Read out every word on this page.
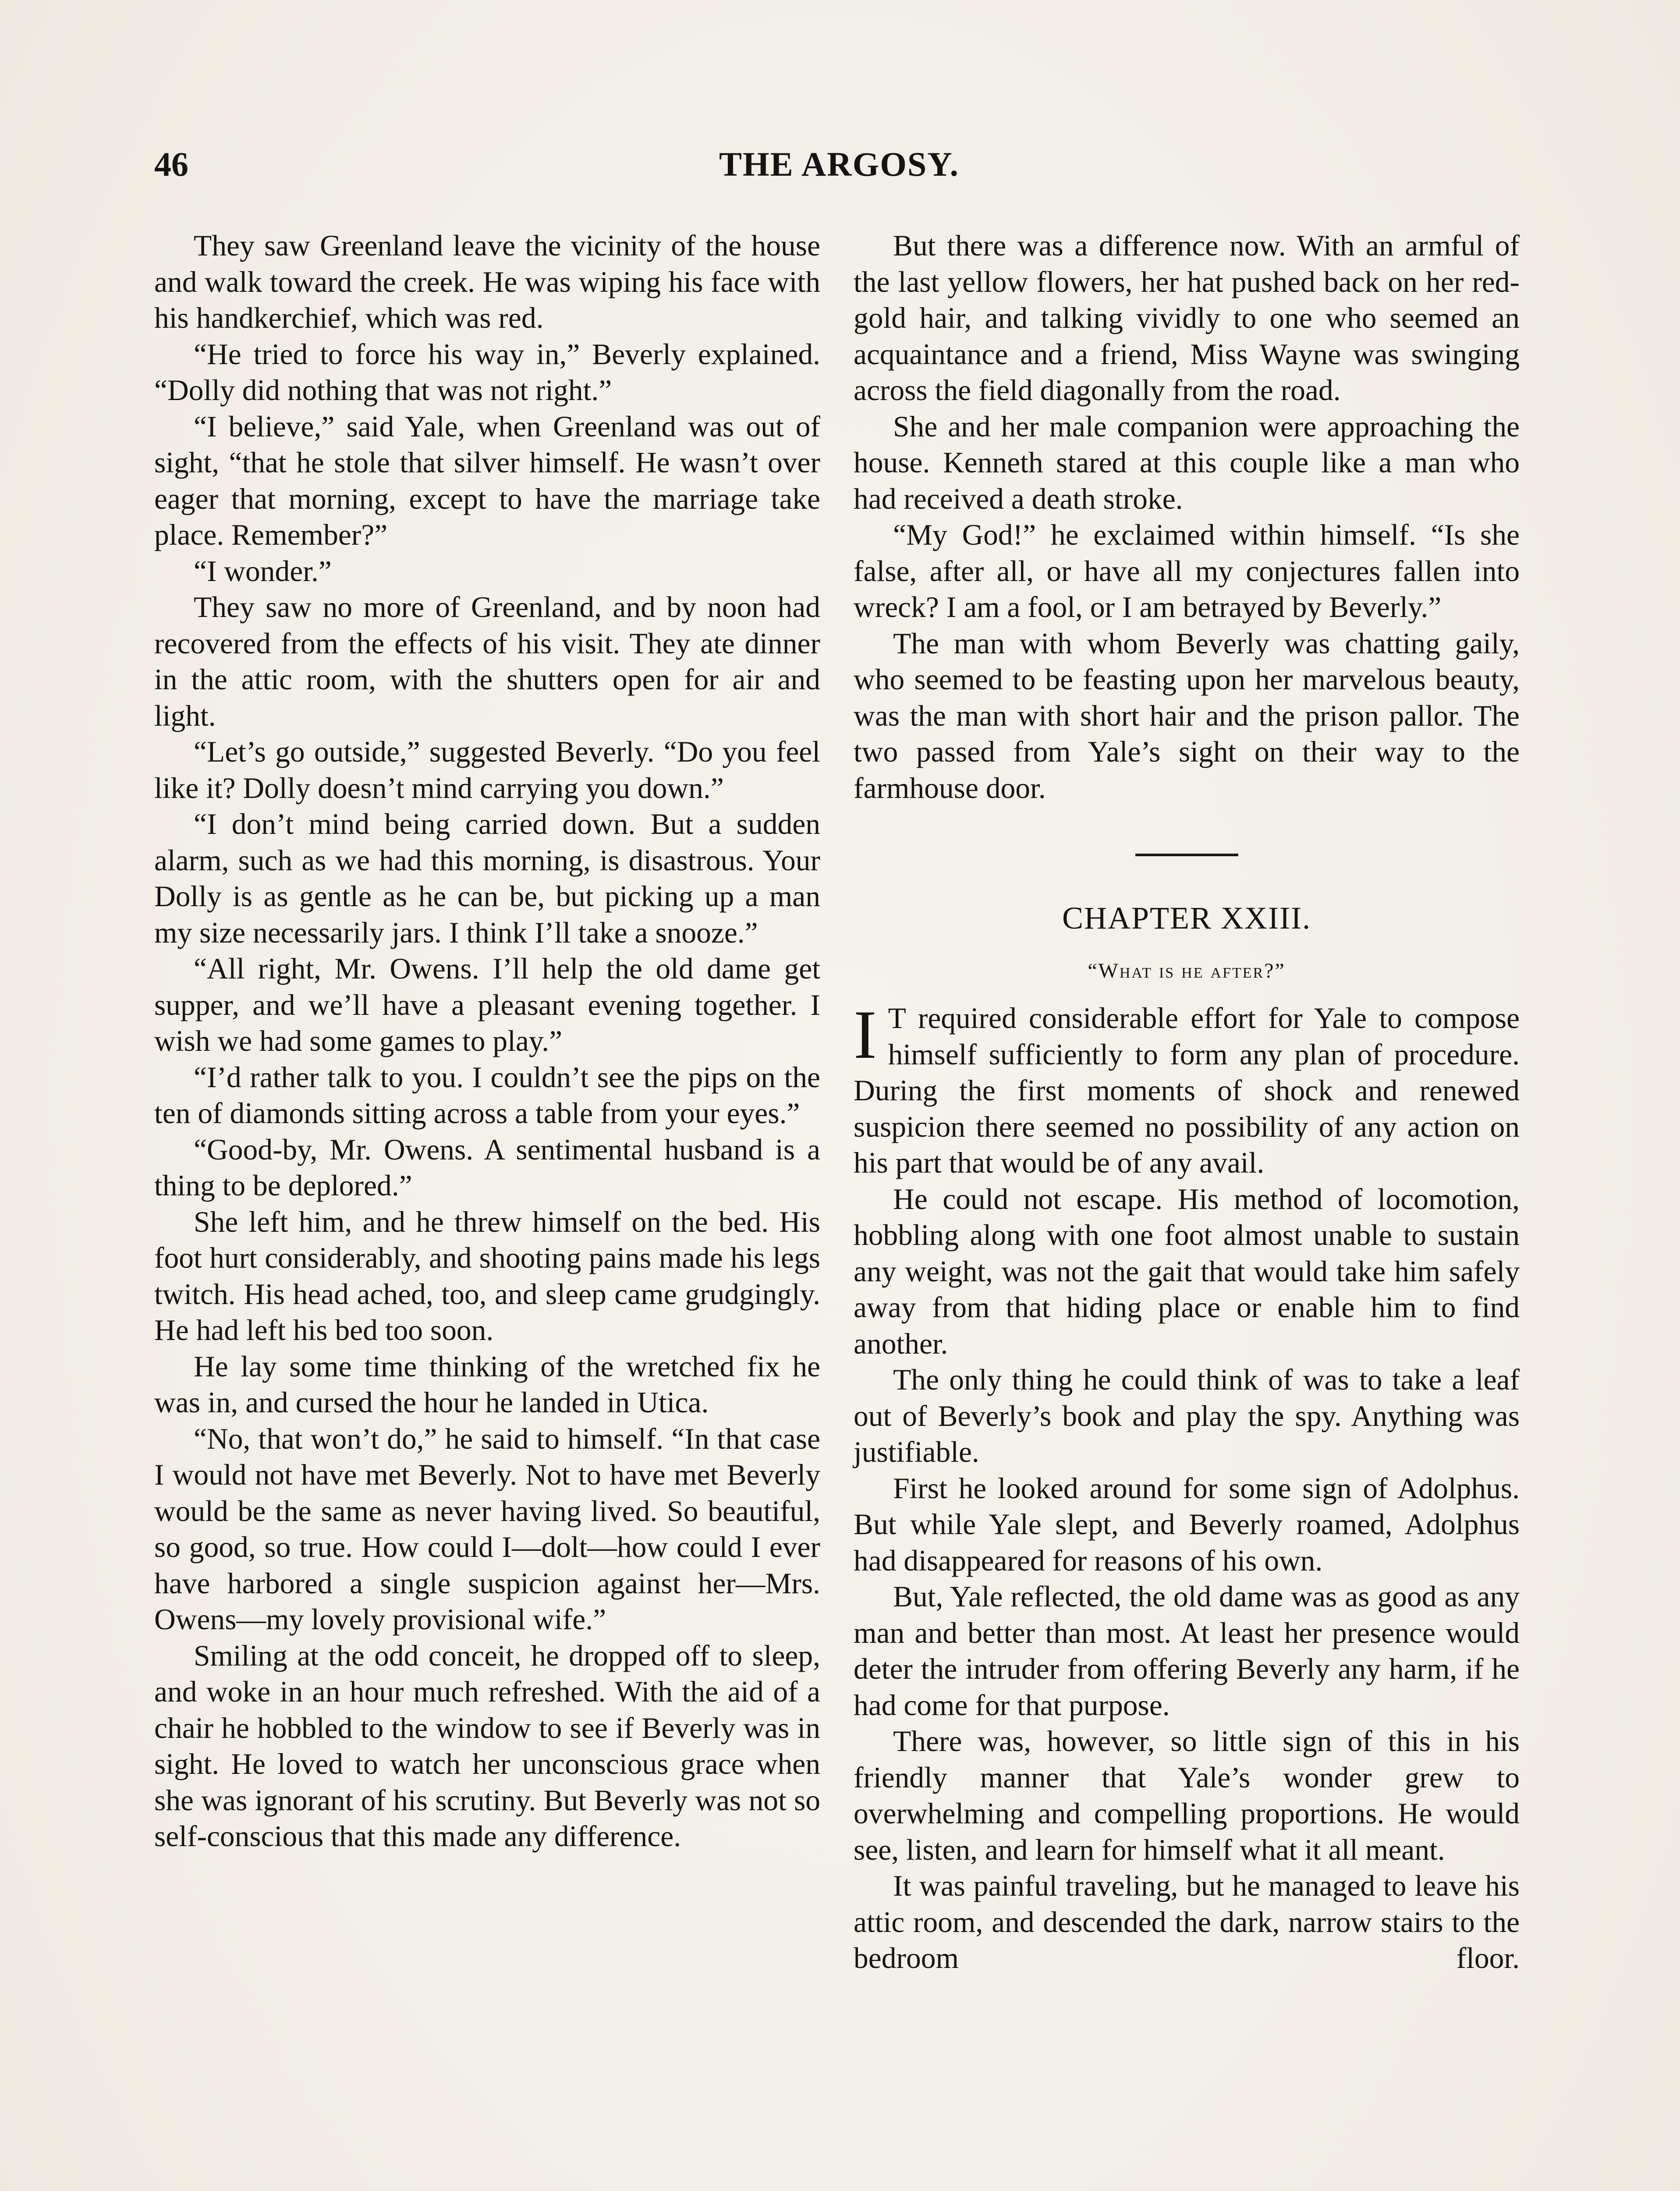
46	THE ARGOSY.

They saw Greenland leave the vicinity of the house and walk toward the creek. He was wiping his face with his handkerchief, which was red.

“He tried to force his way in,” Beverly explained. “Dolly did nothing that was not right.”

“I believe,” said Yale, when Greenland was out of sight, “that he stole that silver himself. He wasn’t over eager that morning, except to have the marriage take place. Remember?”

“I wonder.”

They saw no more of Greenland, and by noon had recovered from the effects of his visit. They ate dinner in the attic room, with the shutters open for air and light.

“Let’s go outside,” suggested Beverly. “Do you feel like it? Dolly doesn’t mind carrying you down.”

“I don’t mind being carried down. But a sudden alarm, such as we had this morning, is disastrous. Your Dolly is as gentle as he can be, but picking up a man my size necessarily jars. I think I’ll take a snooze.”

“All right, Mr. Owens. I’ll help the old dame get supper, and we’ll have a pleasant evening together. I wish we had some games to play.”

“I’d rather talk to you. I couldn’t see the pips on the ten of diamonds sitting across a table from your eyes.”

“Good-by, Mr. Owens. A sentimental husband is a thing to be deplored.”

She left him, and he threw himself on the bed. His foot hurt considerably, and shooting pains made his legs twitch. His head ached, too, and sleep came grudgingly. He had left his bed too soon.

He lay some time thinking of the wretched fix he was in, and cursed the hour he landed in Utica.

“No, that won’t do,” he said to himself. “In that case I would not have met Beverly. Not to have met Beverly would be the same as never having lived. So beautiful, so good, so true. How could I—dolt—how could I ever have harbored a single suspicion against her—Mrs. Owens—my lovely provisional wife.”

Smiling at the odd conceit, he dropped off to sleep, and woke in an hour much refreshed. With the aid of a chair he hobbled to the window to see if Beverly was in sight. He loved to watch her unconscious grace when she was ignorant of his scrutiny. But Beverly was not so self-conscious that this made any difference.

But there was a difference now. With an armful of the last yellow flowers, her hat pushed back on her red-gold hair, and talking vividly to one who seemed an acquaintance and a friend, Miss Wayne was swinging across the field diagonally from the road.

She and her male companion were approaching the house. Kenneth stared at this couple like a man who had received a death stroke.

“My God!” he exclaimed within himself. “Is she false, after all, or have all my conjectures fallen into wreck? I am a fool, or I am betrayed by Beverly.”

The man with whom Beverly was chatting gaily, who seemed to be feasting upon her marvelous beauty, was the man with short hair and the prison pallor. The two passed from Yale’s sight on their way to the farmhouse door.

CHAPTER XXIII.
“What is he after?”

I T required considerable effort for Yale to compose himself sufficiently to form any plan of procedure. During the first moments of shock and renewed suspicion there seemed no possibility of any action on his part that would be of any avail.

He could not escape. His method of locomotion, hobbling along with one foot almost unable to sustain any weight, was not the gait that would take him safely away from that hiding place or enable him to find another.

The only thing he could think of was to take a leaf out of Beverly’s book and play the spy. Anything was justifiable.

First he looked around for some sign of Adolphus. But while Yale slept, and Beverly roamed, Adolphus had disappeared for reasons of his own.

But, Yale reflected, the old dame was as good as any man and better than most. At least her presence would deter the intruder from offering Beverly any harm, if he had come for that purpose.

There was, however, so little sign of this in his friendly manner that Yale’s wonder grew to overwhelming and compelling proportions. He would see, listen, and learn for himself what it all meant.

It was painful traveling, but he managed to leave his attic room, and descended the dark, narrow stairs to the bedroom floor.
